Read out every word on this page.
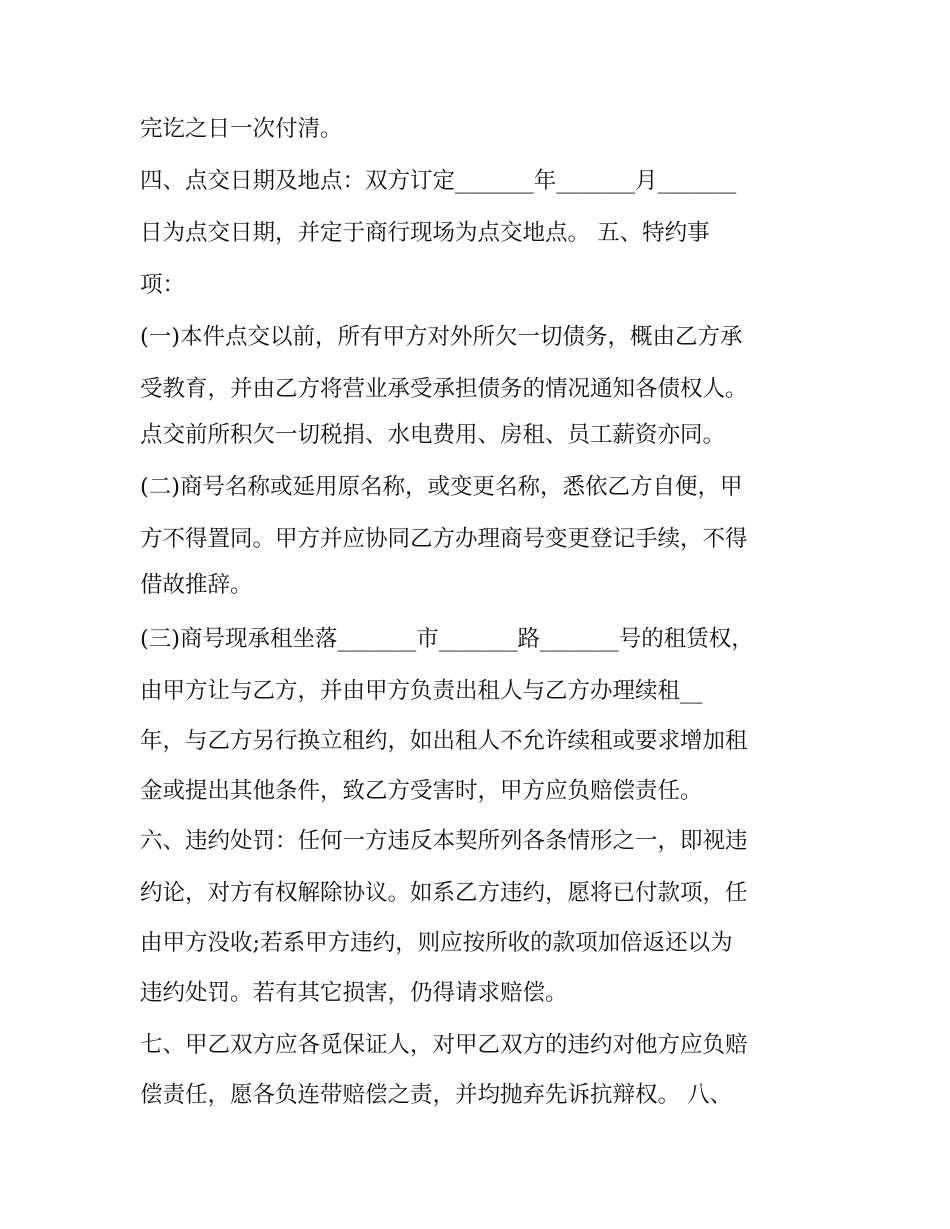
完讫之日一次付清。

四、点交日期及地点：双方订定_______年_______月_______

日为点交日期，并定于商行现场为点交地点。 五、特约事

项：

(一)本件点交以前，所有甲方对外所欠一切债务，概由乙方承

受教育，并由乙方将营业承受承担债务的情况通知各债权人。

点交前所积欠一切税捐、水电费用、房租、员工薪资亦同。

(二)商号名称或延用原名称，或变更名称，悉依乙方自便，甲

方不得置同。甲方并应协同乙方办理商号变更登记手续，不得

借故推辞。

(三)商号现承租坐落_______市_______路_______号的租赁权，

由甲方让与乙方，并由甲方负责出租人与乙方办理续租__

年，与乙方另行换立租约，如出租人不允许续租或要求增加租

金或提出其他条件，致乙方受害时，甲方应负赔偿责任。

六、违约处罚：任何一方违反本契所列各条情形之一，即视违

约论，对方有权解除协议。如系乙方违约，愿将已付款项，任

由甲方没收;若系甲方违约，则应按所收的款项加倍返还以为

违约处罚。若有其它损害，仍得请求赔偿。

七、甲乙双方应各觅保证人，对甲乙双方的违约对他方应负赔

偿责任，愿各负连带赔偿之责，并均抛弃先诉抗辩权。 八、
